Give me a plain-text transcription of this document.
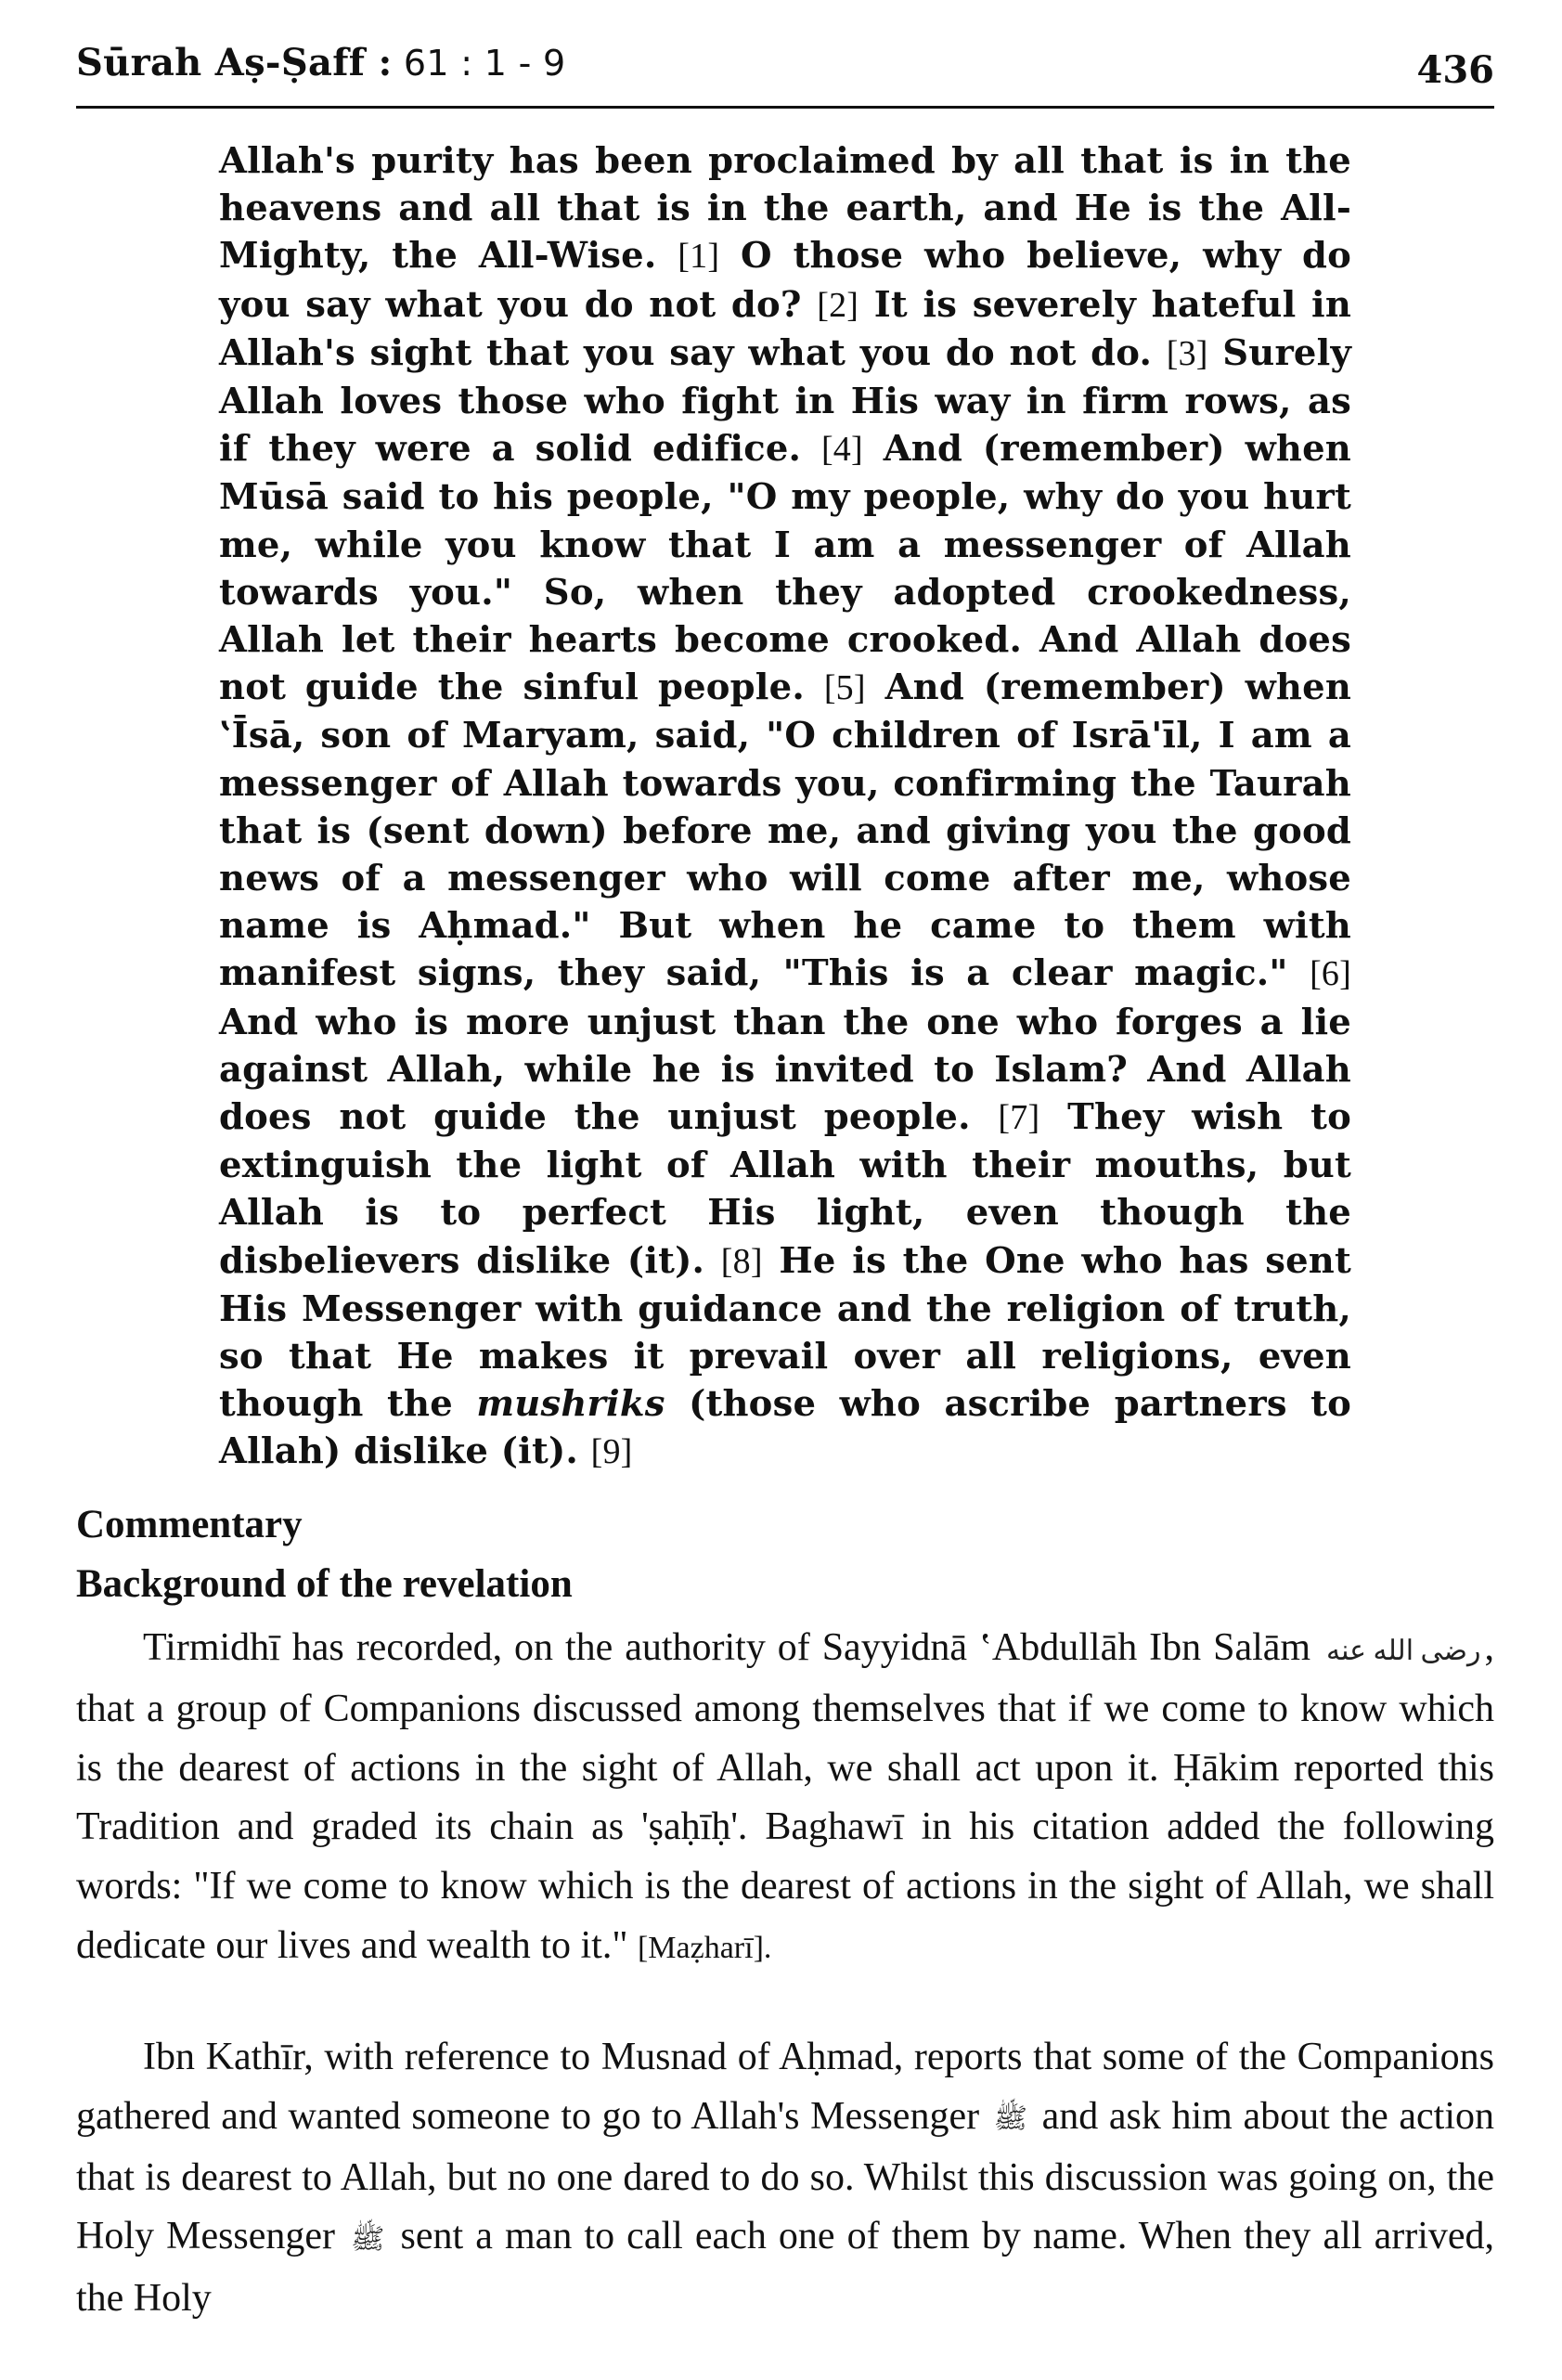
Sūrah Aṣ-Ṣaff : 61 : 1 - 9	436
Allah's purity has been proclaimed by all that is in the heavens and all that is in the earth, and He is the All-Mighty, the All-Wise. [1] O those who believe, why do you say what you do not do? [2] It is severely hateful in Allah's sight that you say what you do not do. [3] Surely Allah loves those who fight in His way in firm rows, as if they were a solid edifice. [4] And (remember) when Mūsā said to his people, "O my people, why do you hurt me, while you know that I am a messenger of Allah towards you." So, when they adopted crookedness, Allah let their hearts become crooked. And Allah does not guide the sinful people. [5] And (remember) when ʽĪsā, son of Maryam, said, "O children of Isrā'īl, I am a messenger of Allah towards you, confirming the Taurah that is (sent down) before me, and giving you the good news of a messenger who will come after me, whose name is Aḥmad." But when he came to them with manifest signs, they said, "This is a clear magic." [6] And who is more unjust than the one who forges a lie against Allah, while he is invited to Islam? And Allah does not guide the unjust people. [7] They wish to extinguish the light of Allah with their mouths, but Allah is to perfect His light, even though the disbelievers dislike (it). [8] He is the One who has sent His Messenger with guidance and the religion of truth, so that He makes it prevail over all religions, even though the mushriks (those who ascribe partners to Allah) dislike (it). [9]
Commentary
Background of the revelation
Tirmidhī has recorded, on the authority of Sayyidnā ʽAbdullāh Ibn Salām رضی الله عنه, that a group of Companions discussed among themselves that if we come to know which is the dearest of actions in the sight of Allah, we shall act upon it. Ḥākim reported this Tradition and graded its chain as 'ṣaḥīḥ'. Baghawī in his citation added the following words: "If we come to know which is the dearest of actions in the sight of Allah, we shall dedicate our lives and wealth to it." [Maẓharī].
Ibn Kathīr, with reference to Musnad of Aḥmad, reports that some of the Companions gathered and wanted someone to go to Allah's Messenger ﷺ and ask him about the action that is dearest to Allah, but no one dared to do so. Whilst this discussion was going on, the Holy Messenger ﷺ sent a man to call each one of them by name. When they all arrived, the Holy
